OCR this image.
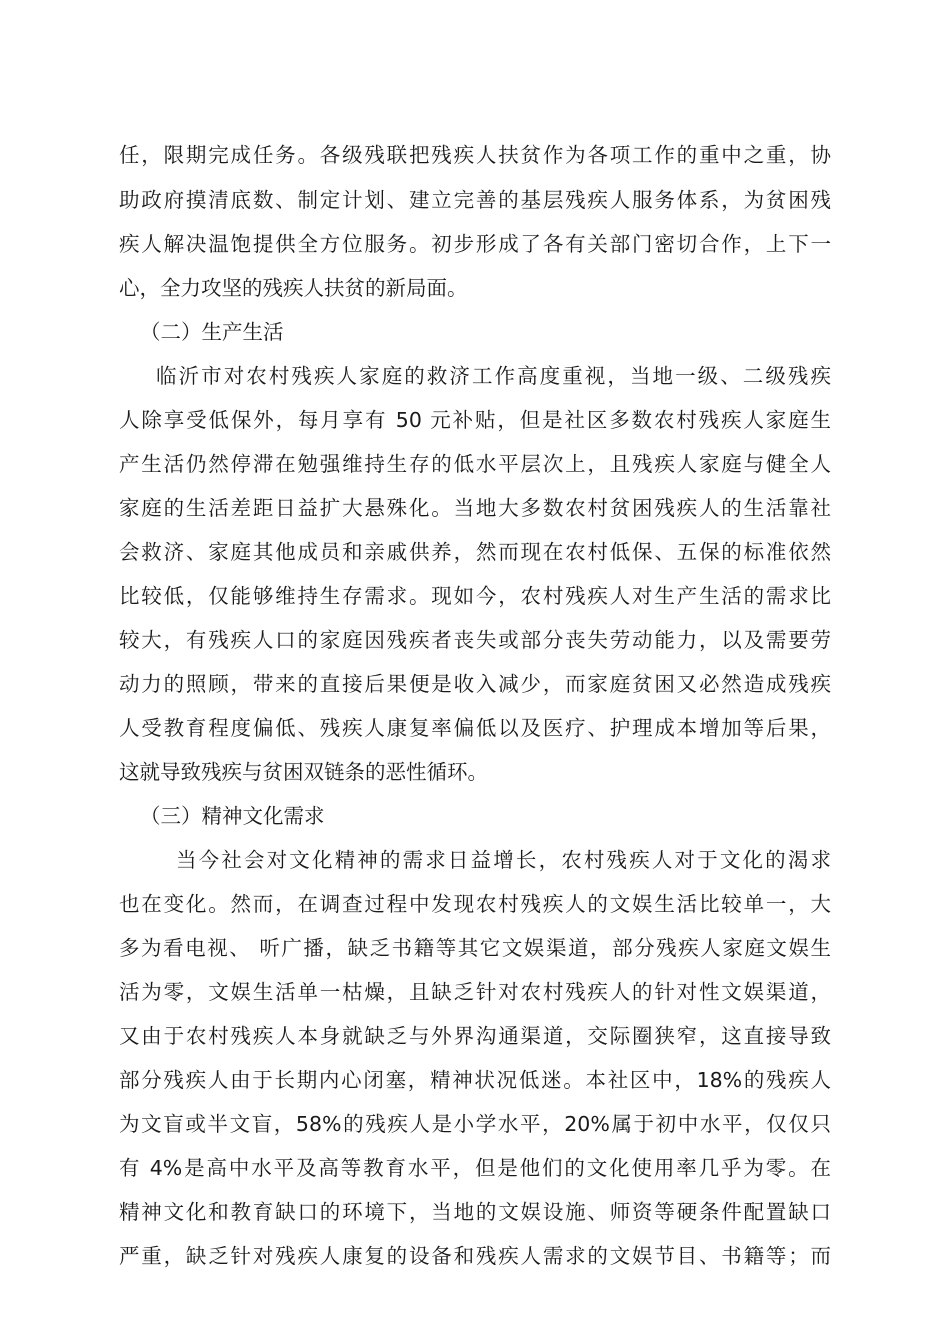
任，限期完成任务。各级残联把残疾人扶贫作为各项工作的重中之重，协
助政府摸清底数、制定计划、建立完善的基层残疾人服务体系，为贫困残
疾人解决温饱提供全方位服务。初步形成了各有关部门密切合作，上下一
心，全力攻坚的残疾人扶贫的新局面。
（二）生产生活
临沂市对农村残疾人家庭的救济工作高度重视，当地一级、二级残疾
人除享受低保外，每月享有 50 元补贴，但是社区多数农村残疾人家庭生
产生活仍然停滞在勉强维持生存的低水平层次上，且残疾人家庭与健全人
家庭的生活差距日益扩大悬殊化。当地大多数农村贫困残疾人的生活靠社
会救济、家庭其他成员和亲戚供养，然而现在农村低保、五保的标准依然
比较低，仅能够维持生存需求。现如今，农村残疾人对生产生活的需求比
较大，有残疾人口的家庭因残疾者丧失或部分丧失劳动能力，以及需要劳
动力的照顾，带来的直接后果便是收入减少，而家庭贫困又必然造成残疾
人受教育程度偏低、残疾人康复率偏低以及医疗、护理成本增加等后果，
这就导致残疾与贫困双链条的恶性循环。
（三）精神文化需求
当今社会对文化精神的需求日益增长，农村残疾人对于文化的渴求
也在变化。然而，在调查过程中发现农村残疾人的文娱生活比较单一，大
多为看电视、 听广播，缺乏书籍等其它文娱渠道，部分残疾人家庭文娱生
活为零，文娱生活单一枯燥，且缺乏针对农村残疾人的针对性文娱渠道，
又由于农村残疾人本身就缺乏与外界沟通渠道，交际圈狭窄，这直接导致
部分残疾人由于长期内心闭塞，精神状况低迷。本社区中，18%的残疾人
为文盲或半文盲，58%的残疾人是小学水平，20%属于初中水平，仅仅只
有 4%是高中水平及高等教育水平，但是他们的文化使用率几乎为零。在
精神文化和教育缺口的环境下，当地的文娱设施、师资等硬条件配置缺口
严重，缺乏针对残疾人康复的设备和残疾人需求的文娱节目、书籍等；而
